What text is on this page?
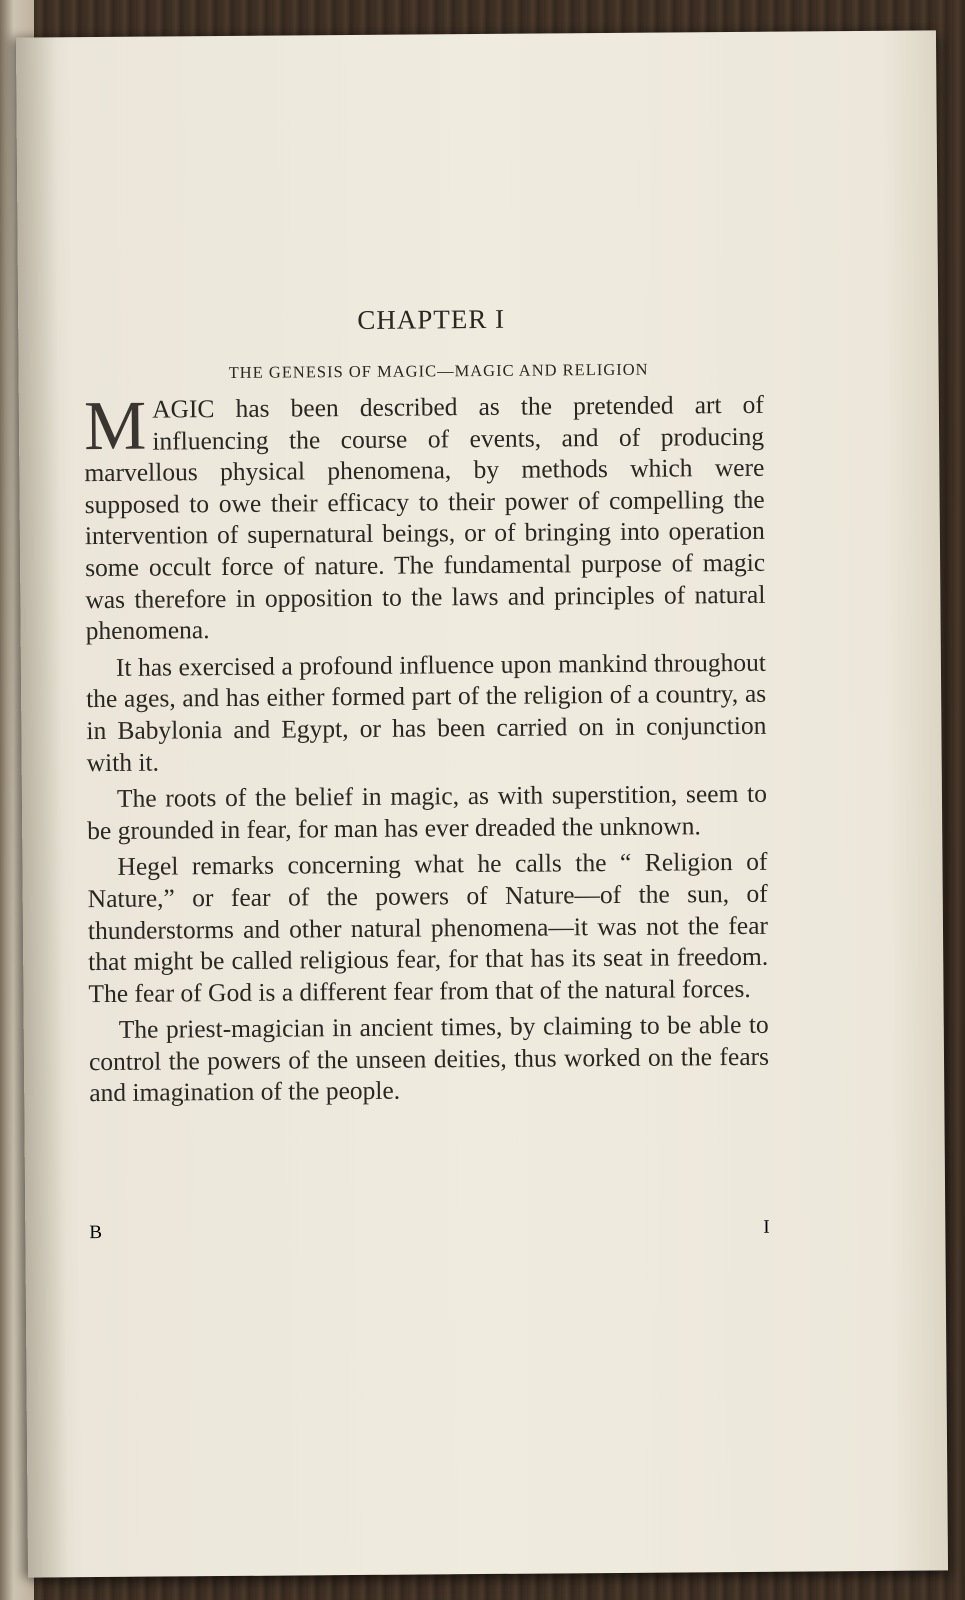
CHAPTER I
THE GENESIS OF MAGIC—MAGIC AND RELIGION

MAGIC has been described as the pretended art of influencing the course of events, and of producing marvellous physical phenomena, by methods which were supposed to owe their efficacy to their power of compelling the intervention of supernatural beings, or of bringing into operation some occult force of nature. The fundamental purpose of magic was therefore in opposition to the laws and principles of natural phenomena.

It has exercised a profound influence upon mankind throughout the ages, and has either formed part of the religion of a country, as in Babylonia and Egypt, or has been carried on in conjunction with it.

The roots of the belief in magic, as with superstition, seem to be grounded in fear, for man has ever dreaded the unknown.

Hegel remarks concerning what he calls the “ Religion of Nature,” or fear of the powers of Nature—of the sun, of thunderstorms and other natural phenomena—it was not the fear that might be called religious fear, for that has its seat in freedom. The fear of God is a different fear from that of the natural forces.

The priest-magician in ancient times, by claiming to be able to control the powers of the unseen deities, thus worked on the fears and imagination of the people.

B	I
